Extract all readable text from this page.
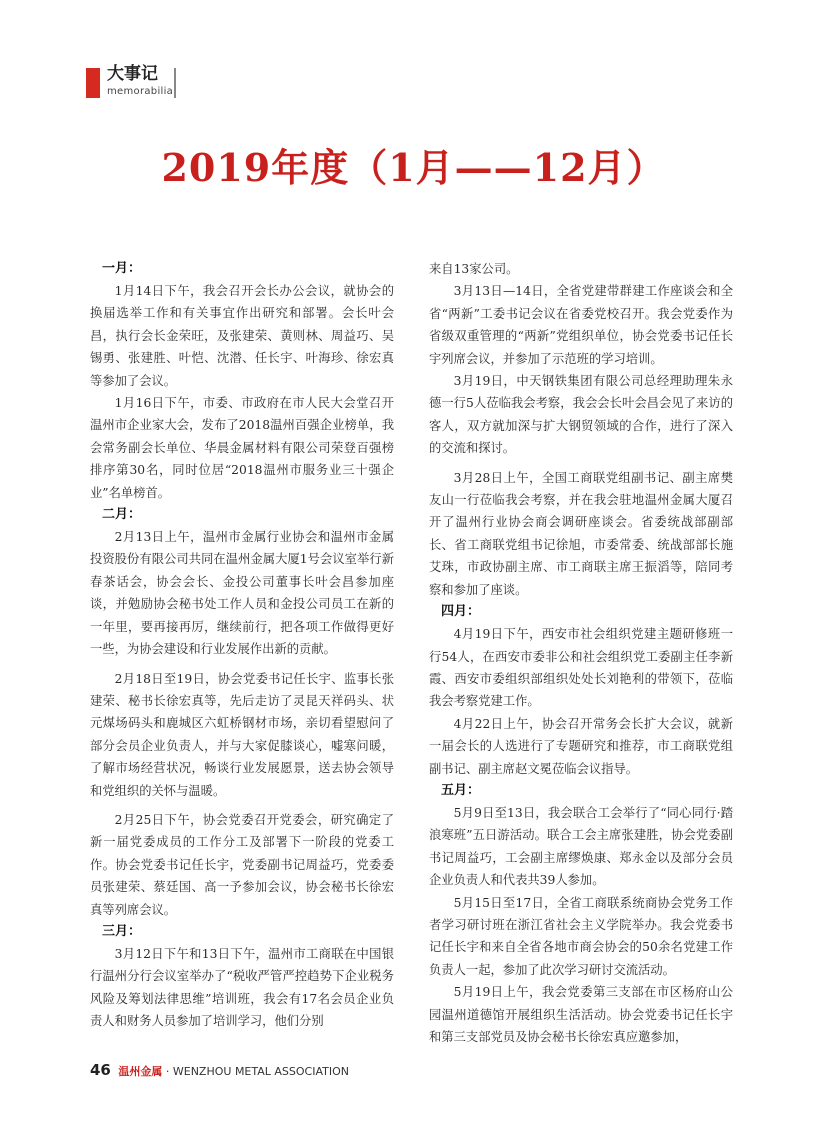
大事记
memorabilia
2019年度（1月——12月）
一月：

1月14日下午，我会召开会长办公会议，就协会的换届选举工作和有关事宜作出研究和部署。会长叶会昌，执行会长金荣旺，及张建荣、黄则林、周益巧、吴锡勇、张建胜、叶恺、沈潜、任长宇、叶海珍、徐宏真等参加了会议。

1月16日下午，市委、市政府在市人民大会堂召开温州市企业家大会，发布了2018温州百强企业榜单，我会常务副会长单位、华晨金属材料有限公司荣登百强榜排序第30名，同时位居“2018温州市服务业三十强企业”名单榜首。

二月：

2月13日上午，温州市金属行业协会和温州市金属投资股份有限公司共同在温州金属大厦1号会议室举行新春茶话会，协会会长、金投公司董事长叶会昌参加座谈，并勉励协会秘书处工作人员和金投公司员工在新的一年里，要再接再厉，继续前行，把各项工作做得更好一些，为协会建设和行业发展作出新的贡献。

2月18日至19日，协会党委书记任长宇、监事长张建荣、秘书长徐宏真等，先后走访了灵昆天祥码头、状元煤场码头和鹿城区六虹桥钢材市场，亲切看望慰问了部分会员企业负责人，并与大家促膝谈心，嘘寒问暖，了解市场经营状况，畅谈行业发展愿景，送去协会领导和党组织的关怀与温暖。

2月25日下午，协会党委召开党委会，研究确定了新一届党委成员的工作分工及部署下一阶段的党委工作。协会党委书记任长宇，党委副书记周益巧，党委委员张建荣、蔡廷国、高一予参加会议，协会秘书长徐宏真等列席会议。

三月：

3月12日下午和13日下午，温州市工商联在中国银行温州分行会议室举办了“税收严管严控趋势下企业税务风险及筹划法律思维”培训班，我会有17名会员企业负责人和财务人员参加了培训学习，他们分别

来自13家公司。

3月13日—14日，全省党建带群建工作座谈会和全省“两新”工委书记会议在省委党校召开。我会党委作为省级双重管理的“两新”党组织单位，协会党委书记任长宇列席会议，并参加了示范班的学习培训。

3月19日，中天钢铁集团有限公司总经理助理朱永德一行5人莅临我会考察，我会会长叶会昌会见了来访的客人，双方就加深与扩大钢贸领域的合作，进行了深入的交流和探讨。

3月28日上午，全国工商联党组副书记、副主席樊友山一行莅临我会考察，并在我会驻地温州金属大厦召开了温州行业协会商会调研座谈会。省委统战部副部长、省工商联党组书记徐旭，市委常委、统战部部长施艾珠，市政协副主席、市工商联主席王振滔等，陪同考察和参加了座谈。

四月：

4月19日下午，西安市社会组织党建主题研修班一行54人，在西安市委非公和社会组织党工委副主任李新霞、西安市委组织部组织处处长刘艳利的带领下，莅临我会考察党建工作。

4月22日上午，协会召开常务会长扩大会议，就新一届会长的人选进行了专题研究和推荐，市工商联党组副书记、副主席赵文冕莅临会议指导。

五月：

5月9日至13日，我会联合工会举行了“同心同行·踏浪寒班”五日游活动。联合工会主席张建胜，协会党委副书记周益巧，工会副主席缪焕康、郑永金以及部分会员企业负责人和代表共39人参加。

5月15日至17日，全省工商联系统商协会党务工作者学习研讨班在浙江省社会主义学院举办。我会党委书记任长宇和来自全省各地市商会协会的50余名党建工作负责人一起，参加了此次学习研讨交流活动。

5月19日上午，我会党委第三支部在市区杨府山公园温州道德馆开展组织生活活动。协会党委书记任长宇和第三支部党员及协会秘书长徐宏真应邀参加，

46 温州金属 · WENZHOU METAL ASSOCIATION
